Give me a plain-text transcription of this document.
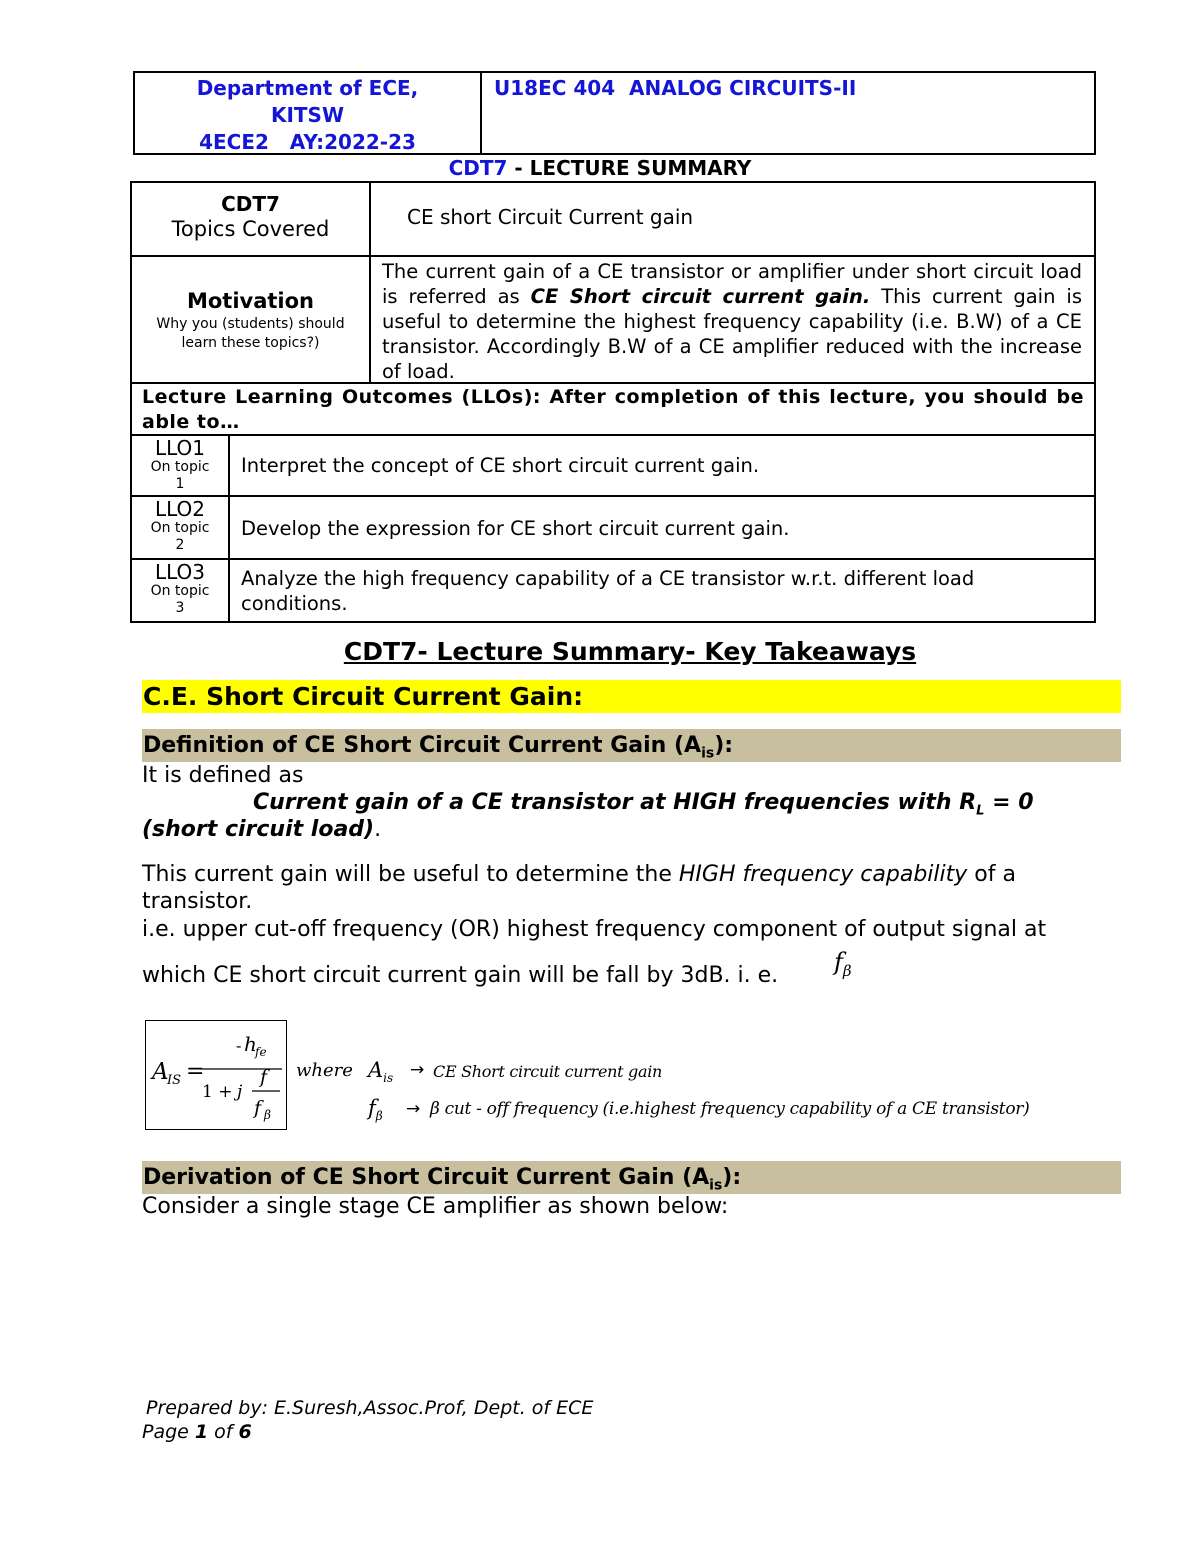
Department of ECE,
KITSW
4ECE2   AY:2022-23
U18EC 404  ANALOG CIRCUITS-II
CDT7 - LECTURE SUMMARY
CDT7
Topics Covered	CE short Circuit Current gain
Motivation
Why you (students) should learn these topics?)
The current gain of a CE transistor or amplifier under short circuit load is referred as CE Short circuit current gain. This current gain is useful to determine the highest frequency capability (i.e. B.W) of a CE transistor. Accordingly B.W of a CE amplifier reduced with the increase of load.
Lecture Learning Outcomes (LLOs): After completion of this lecture, you should be able to…
LLO1
On topic 1
Interpret the concept of CE short circuit current gain.
LLO2
On topic 2
Develop the expression for CE short circuit current gain.
LLO3
On topic 3
Analyze the high frequency capability of a CE transistor w.r.t. different load conditions.
CDT7- Lecture Summary- Key Takeaways
C.E. Short Circuit Current Gain:
Definition of CE Short Circuit Current Gain $(A_{is})$:
It is defined as
Current gain of a CE transistor at HIGH frequencies with $R_L = 0$
(short circuit load).
This current gain will be useful to determine the HIGH frequency capability of a transistor.
i.e. upper cut-off frequency (OR) highest frequency component of output signal at
which CE short circuit current gain will be fall by 3dB. i. e. $f_\beta$
A
IS =
- h
fe
1 + j
f
f β
where $A_{is}$ → CE Short circuit current gain
$f_\beta \to \beta$ cut - off frequency (i.e.highest frequency capability of a CE transistor)
Derivation of CE Short Circuit Current Gain $(A_{is})$:
Consider a single stage CE amplifier as shown below:
Prepared by: E.Suresh,Assoc.Prof, Dept. of ECE
Page 1 of 6
